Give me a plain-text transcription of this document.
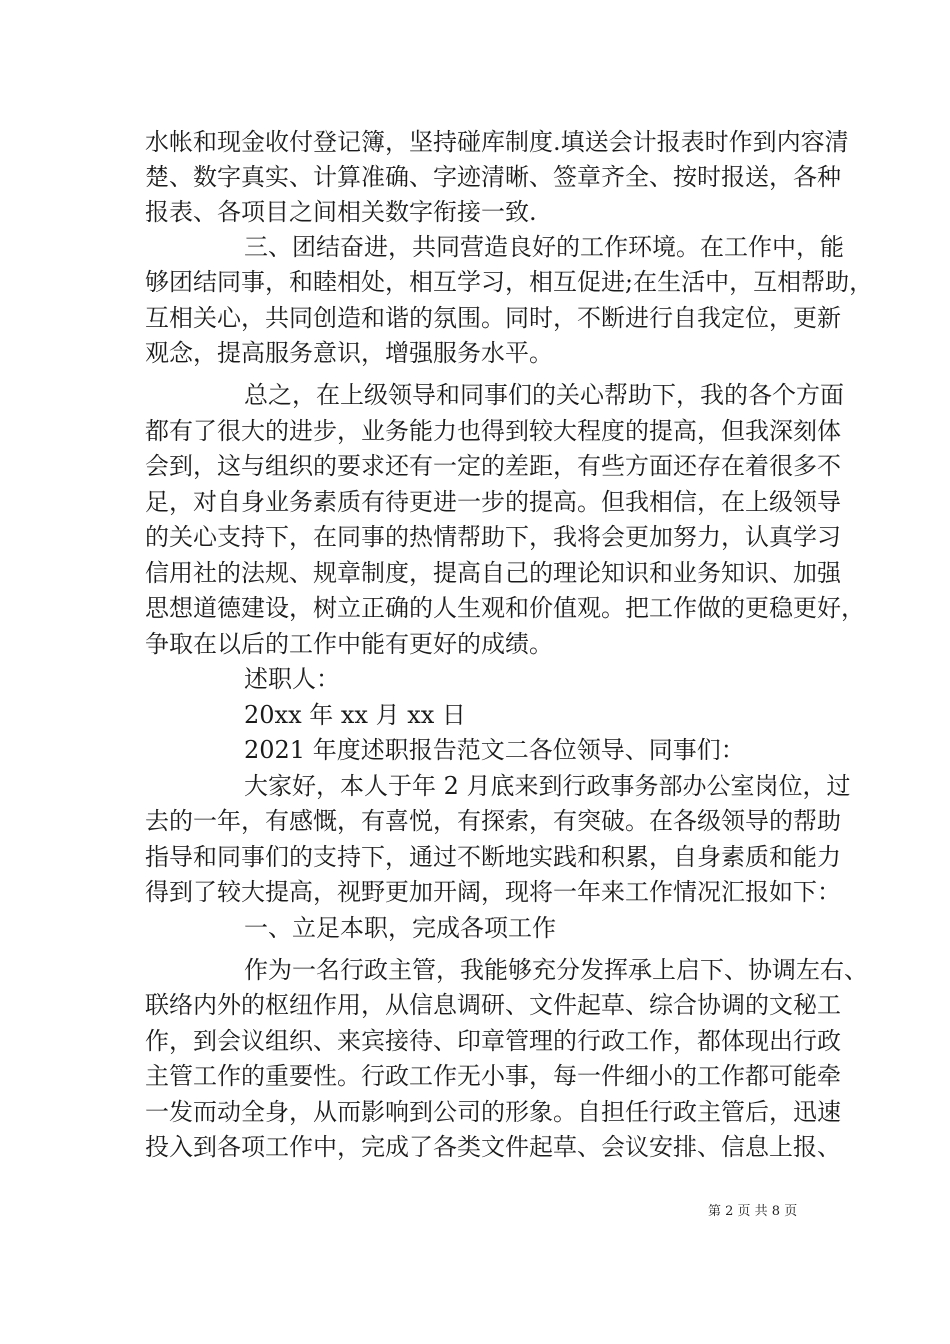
水帐和现金收付登记簿，坚持碰库制度.填送会计报表时作到内容清
楚、数字真实、计算准确、字迹清晰、签章齐全、按时报送，各种
报表、各项目之间相关数字衔接一致.
三、团结奋进，共同营造良好的工作环境。在工作中，能
够团结同事，和睦相处，相互学习，相互促进;在生活中，互相帮助，
互相关心，共同创造和谐的氛围。同时，不断进行自我定位，更新
观念，提高服务意识，增强服务水平。
总之，在上级领导和同事们的关心帮助下，我的各个方面
都有了很大的进步，业务能力也得到较大程度的提高，但我深刻体
会到，这与组织的要求还有一定的差距，有些方面还存在着很多不
足，对自身业务素质有待更进一步的提高。但我相信，在上级领导
的关心支持下，在同事的热情帮助下，我将会更加努力，认真学习
信用社的法规、规章制度，提高自己的理论知识和业务知识、加强
思想道德建设，树立正确的人生观和价值观。把工作做的更稳更好，
争取在以后的工作中能有更好的成绩。
述职人：
20xx 年 xx 月 xx 日
2021 年度述职报告范文二各位领导、同事们：
大家好，本人于年 2 月底来到行政事务部办公室岗位，过
去的一年，有感慨，有喜悦，有探索，有突破。在各级领导的帮助
指导和同事们的支持下，通过不断地实践和积累，自身素质和能力
得到了较大提高，视野更加开阔，现将一年来工作情况汇报如下：
一、立足本职，完成各项工作
作为一名行政主管，我能够充分发挥承上启下、协调左右、
联络内外的枢纽作用，从信息调研、文件起草、综合协调的文秘工
作，到会议组织、来宾接待、印章管理的行政工作，都体现出行政
主管工作的重要性。行政工作无小事，每一件细小的工作都可能牵
一发而动全身，从而影响到公司的形象。自担任行政主管后，迅速
投入到各项工作中，完成了各类文件起草、会议安排、信息上报、
第 2 页 共 8 页
